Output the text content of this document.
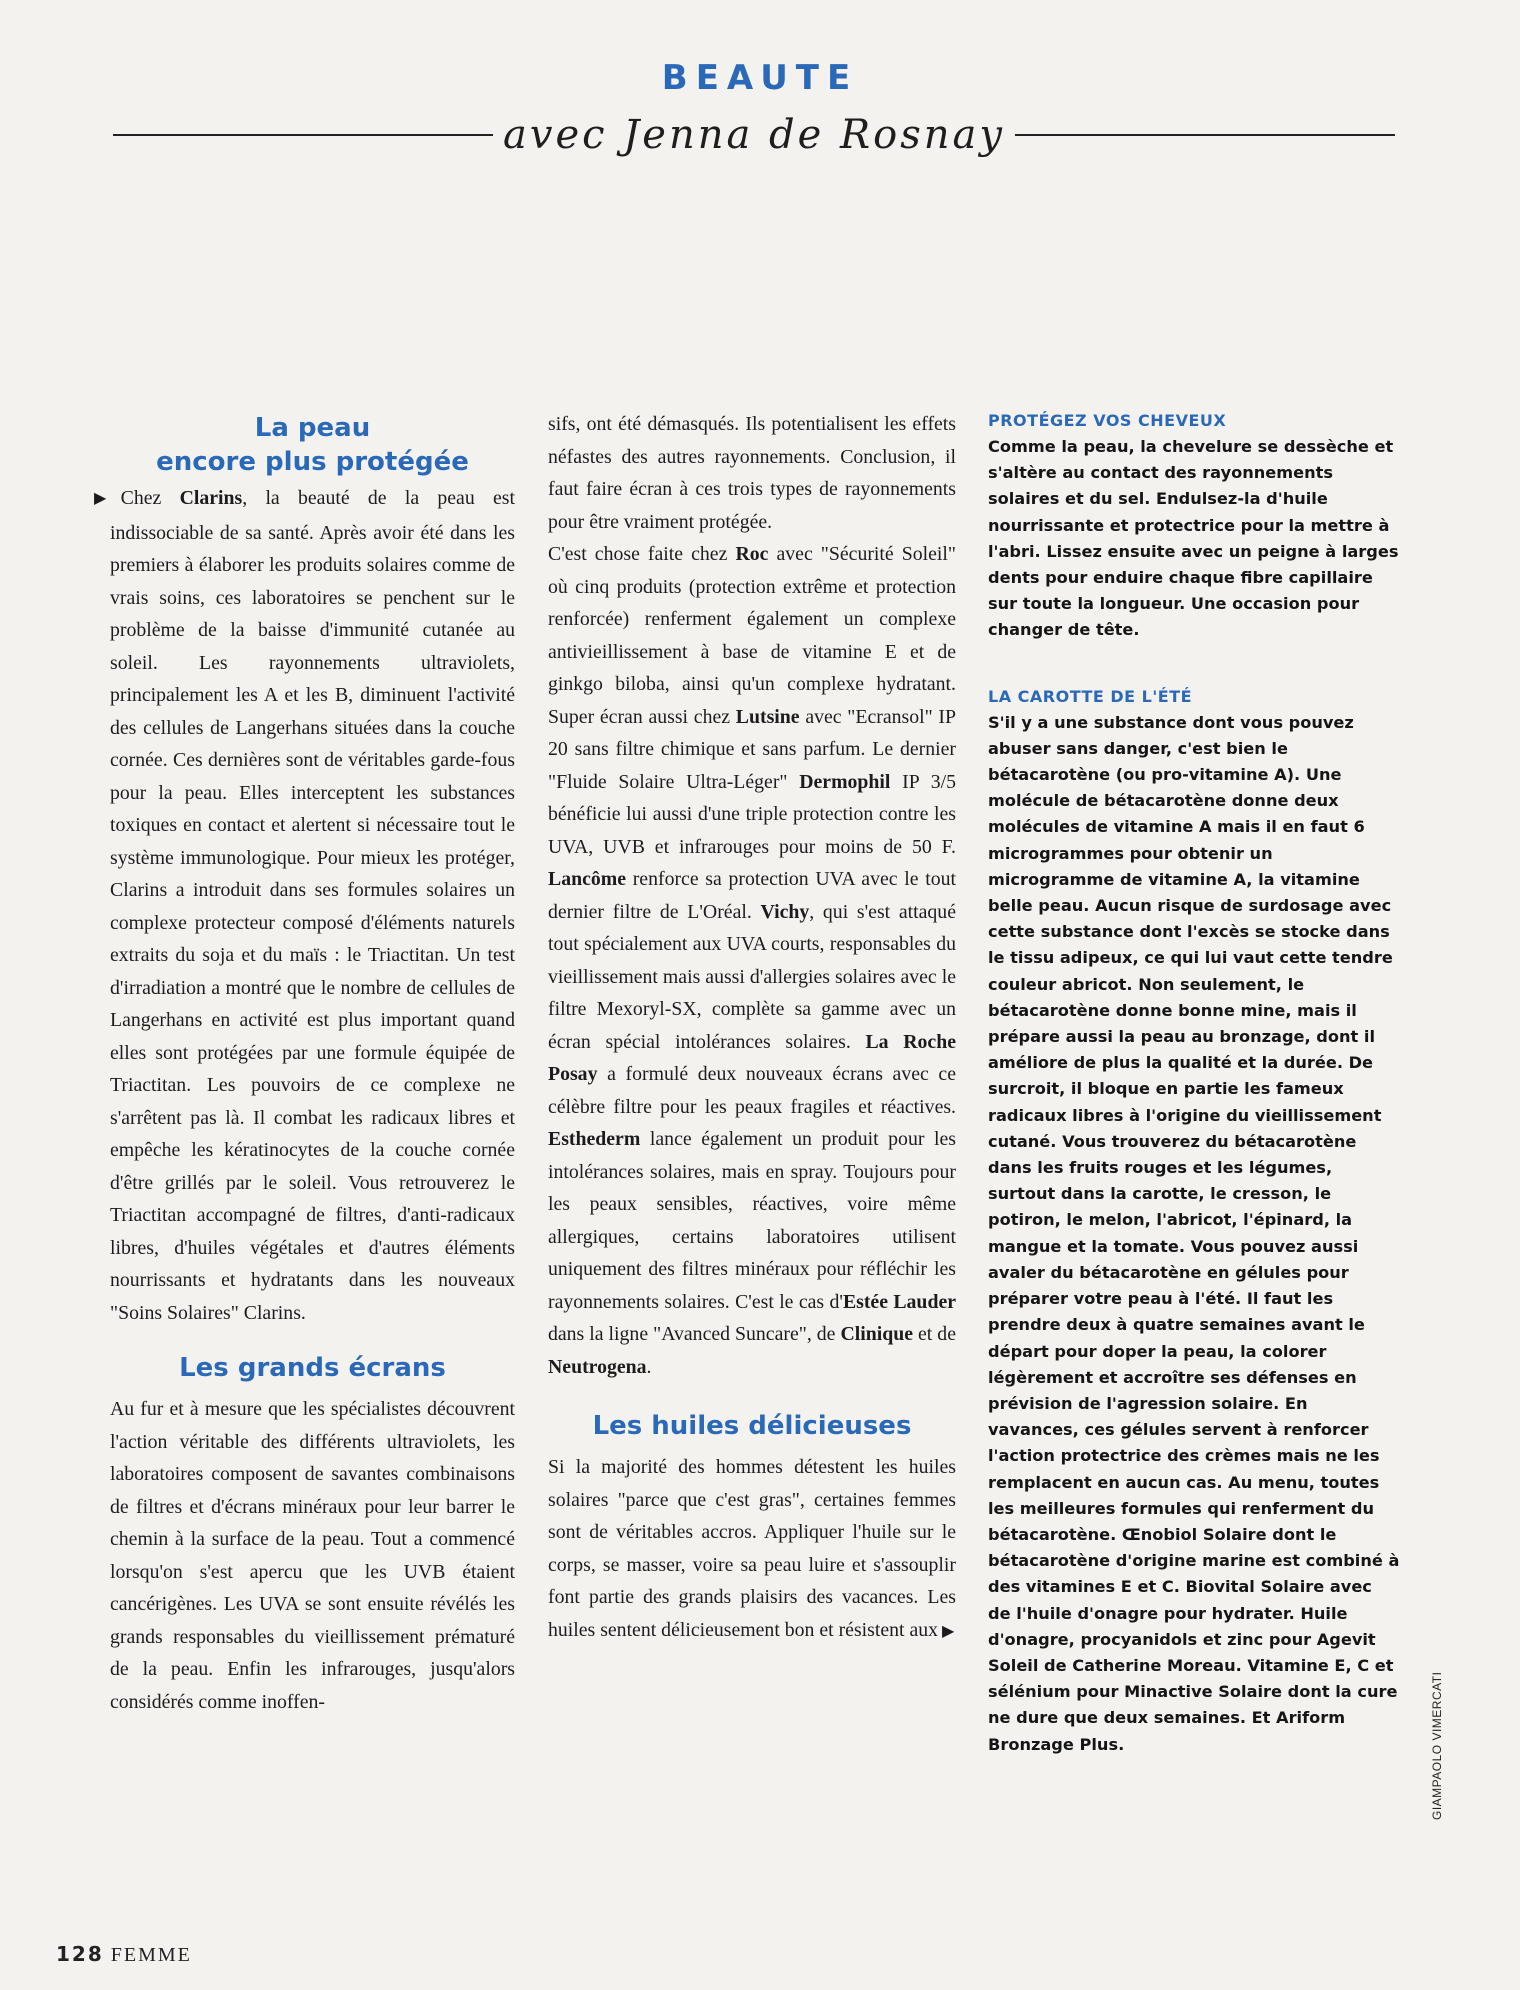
BEAUTE
avec Jenna de Rosnay
La peau
encore plus protégée

▶Chez Clarins, la beauté de la peau est indissociable de sa santé. Après avoir été dans les premiers à élaborer les produits solaires comme de vrais soins, ces laboratoires se penchent sur le problème de la baisse d'immunité cutanée au soleil. Les rayonnements ultraviolets, principalement les A et les B, diminuent l'activité des cellules de Langerhans situées dans la couche cornée. Ces dernières sont de véritables garde-fous pour la peau. Elles interceptent les substances toxiques en contact et alertent si nécessaire tout le système immunologique. Pour mieux les protéger, Clarins a introduit dans ses formules solaires un complexe protecteur composé d'éléments naturels extraits du soja et du maïs : le Triactitan. Un test d'irradiation a montré que le nombre de cellules de Langerhans en activité est plus important quand elles sont protégées par une formule équipée de Triactitan. Les pouvoirs de ce complexe ne s'arrêtent pas là. Il combat les radicaux libres et empêche les kératinocytes de la couche cornée d'être grillés par le soleil. Vous retrouverez le Triactitan accompagné de filtres, d'anti-radicaux libres, d'huiles végétales et d'autres éléments nourrissants et hydratants dans les nouveaux "Soins Solaires" Clarins.

Les grands écrans

Au fur et à mesure que les spécialistes découvrent l'action véritable des différents ultraviolets, les laboratoires composent de savantes combinaisons de filtres et d'écrans minéraux pour leur barrer le chemin à la surface de la peau. Tout a commencé lorsqu'on s'est apercu que les UVB étaient cancérigènes. Les UVA se sont ensuite révélés les grands responsables du vieillissement prématuré de la peau. Enfin les infrarouges, jusqu'alors considérés comme inoffen-

sifs, ont été démasqués. Ils potentialisent les effets néfastes des autres rayonnements. Conclusion, il faut faire écran à ces trois types de rayonnements pour être vraiment protégée.

C'est chose faite chez Roc avec "Sécurité Soleil" où cinq produits (protection extrême et protection renforcée) renferment également un complexe antivieillissement à base de vitamine E et de ginkgo biloba, ainsi qu'un complexe hydratant. Super écran aussi chez Lutsine avec "Ecransol" IP 20 sans filtre chimique et sans parfum. Le dernier "Fluide Solaire Ultra-Léger" Dermophil IP 3/5 bénéficie lui aussi d'une triple protection contre les UVA, UVB et infrarouges pour moins de 50 F. Lancôme renforce sa protection UVA avec le tout dernier filtre de L'Oréal. Vichy, qui s'est attaqué tout spécialement aux UVA courts, responsables du vieillissement mais aussi d'allergies solaires avec le filtre Mexoryl-SX, complète sa gamme avec un écran spécial intolérances solaires. La Roche Posay a formulé deux nouveaux écrans avec ce célèbre filtre pour les peaux fragiles et réactives. Esthederm lance également un produit pour les intolérances solaires, mais en spray. Toujours pour les peaux sensibles, réactives, voire même allergiques, certains laboratoires utilisent uniquement des filtres minéraux pour réfléchir les rayonnements solaires. C'est le cas d'Estée Lauder dans la ligne "Avanced Suncare", de Clinique et de Neutrogena.

Les huiles délicieuses

Si la majorité des hommes détestent les huiles solaires "parce que c'est gras", certaines femmes sont de véritables accros. Appliquer l'huile sur le corps, se masser, voire sa peau luire et s'assouplir font partie des grands plaisirs des vacances. Les huiles sentent délicieusement bon et résistent aux ▶

PROTÉGEZ VOS CHEVEUX

Comme la peau, la chevelure se dessèche et s'altère au contact des rayonnements solaires et du sel. Endulsez-la d'huile nourrissante et protectrice pour la mettre à l'abri. Lissez ensuite avec un peigne à larges dents pour enduire chaque fibre capillaire sur toute la longueur. Une occasion pour changer de tête.

LA CAROTTE DE L'ÉTÉ

S'il y a une substance dont vous pouvez abuser sans danger, c'est bien le bétacarotène (ou pro-vitamine A). Une molécule de bétacarotène donne deux molécules de vitamine A mais il en faut 6 microgrammes pour obtenir un microgramme de vitamine A, la vitamine belle peau. Aucun risque de surdosage avec cette substance dont l'excès se stocke dans le tissu adipeux, ce qui lui vaut cette tendre couleur abricot. Non seulement, le bétacarotène donne bonne mine, mais il prépare aussi la peau au bronzage, dont il améliore de plus la qualité et la durée. De surcroit, il bloque en partie les fameux radicaux libres à l'origine du vieillissement cutané. Vous trouverez du bétacarotène dans les fruits rouges et les légumes, surtout dans la carotte, le cresson, le potiron, le melon, l'abricot, l'épinard, la mangue et la tomate. Vous pouvez aussi avaler du bétacarotène en gélules pour préparer votre peau à l'été. Il faut les prendre deux à quatre semaines avant le départ pour doper la peau, la colorer légèrement et accroître ses défenses en prévision de l'agression solaire. En vavances, ces gélules servent à renforcer l'action protectrice des crèmes mais ne les remplacent en aucun cas. Au menu, toutes les meilleures formules qui renferment du bétacarotène. Œnobiol Solaire dont le bétacarotène d'origine marine est combiné à des vitamines E et C. Biovital Solaire avec de l'huile d'onagre pour hydrater. Huile d'onagre, procyanidols et zinc pour Agevit Soleil de Catherine Moreau. Vitamine E, C et sélénium pour Minactive Solaire dont la cure ne dure que deux semaines. Et Ariform Bronzage Plus.	GIAMPAOLO VIMERCATI
128 FEMME
